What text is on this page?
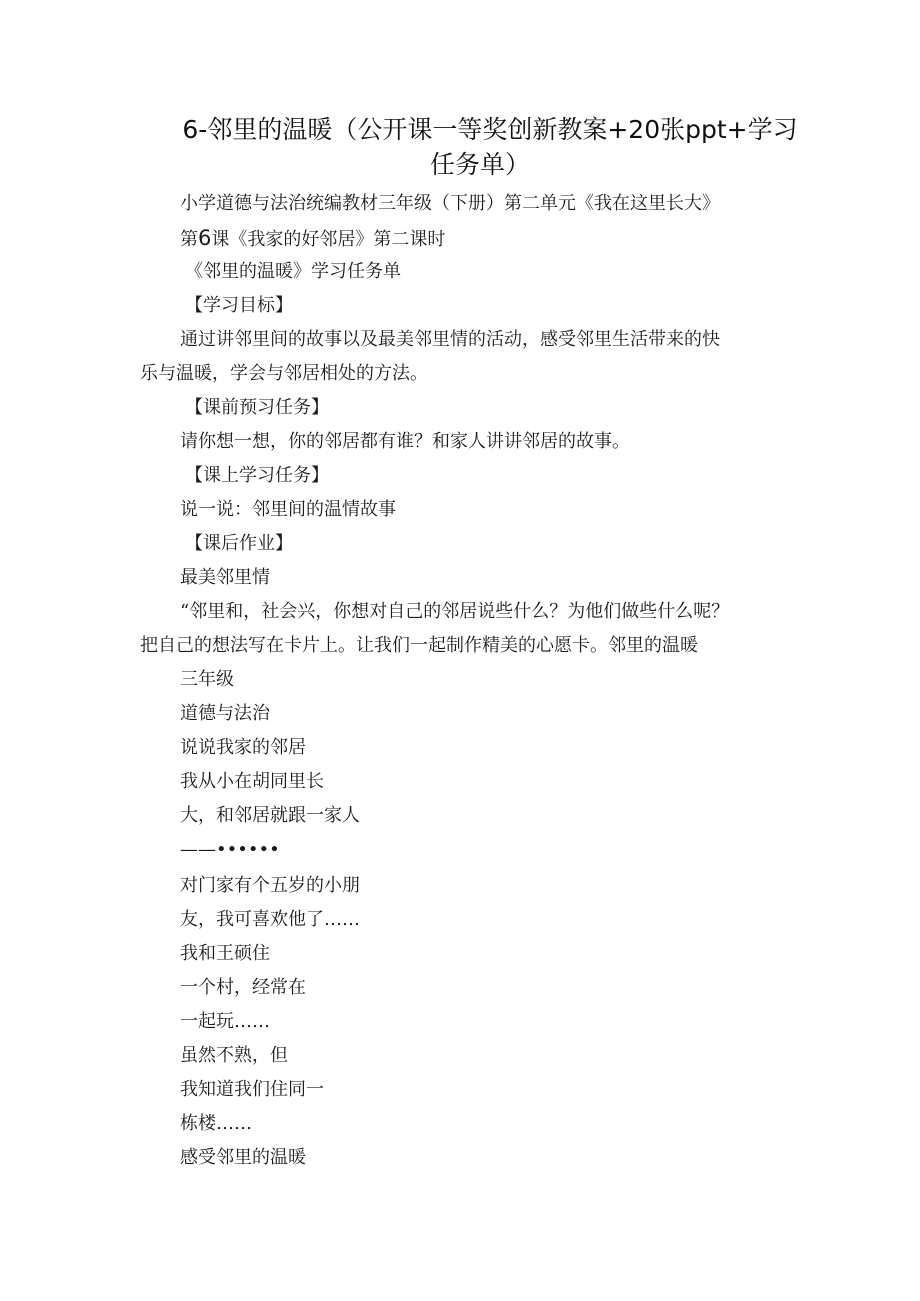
6-邻里的温暖（公开课一等奖创新教案+20张ppt+学习
任务单）
小学道德与法治统编教材三年级（下册）第二单元《我在这里长大》
第6课《我家的好邻居》第二课时
《邻里的温暖》学习任务单
【学习目标】
通过讲邻里间的故事以及最美邻里情的活动，感受邻里生活带来的快
乐与温暖，学会与邻居相处的方法。
【课前预习任务】
请你想一想，你的邻居都有谁？和家人讲讲邻居的故事。
【课上学习任务】
说一说：邻里间的温情故事
【课后作业】
最美邻里情
“邻里和，社会兴，你想对自己的邻居说些什么？为他们做些什么呢？
把自己的想法写在卡片上。让我们一起制作精美的心愿卡。邻里的温暖
三年级
道德与法治
说说我家的邻居
我从小在胡同里长
大，和邻居就跟一家人
——••••••
对门家有个五岁的小朋
友，我可喜欢他了……
我和王硕住
一个村，经常在
一起玩……
虽然不熟，但
我知道我们住同一
栋楼……
感受邻里的温暖
